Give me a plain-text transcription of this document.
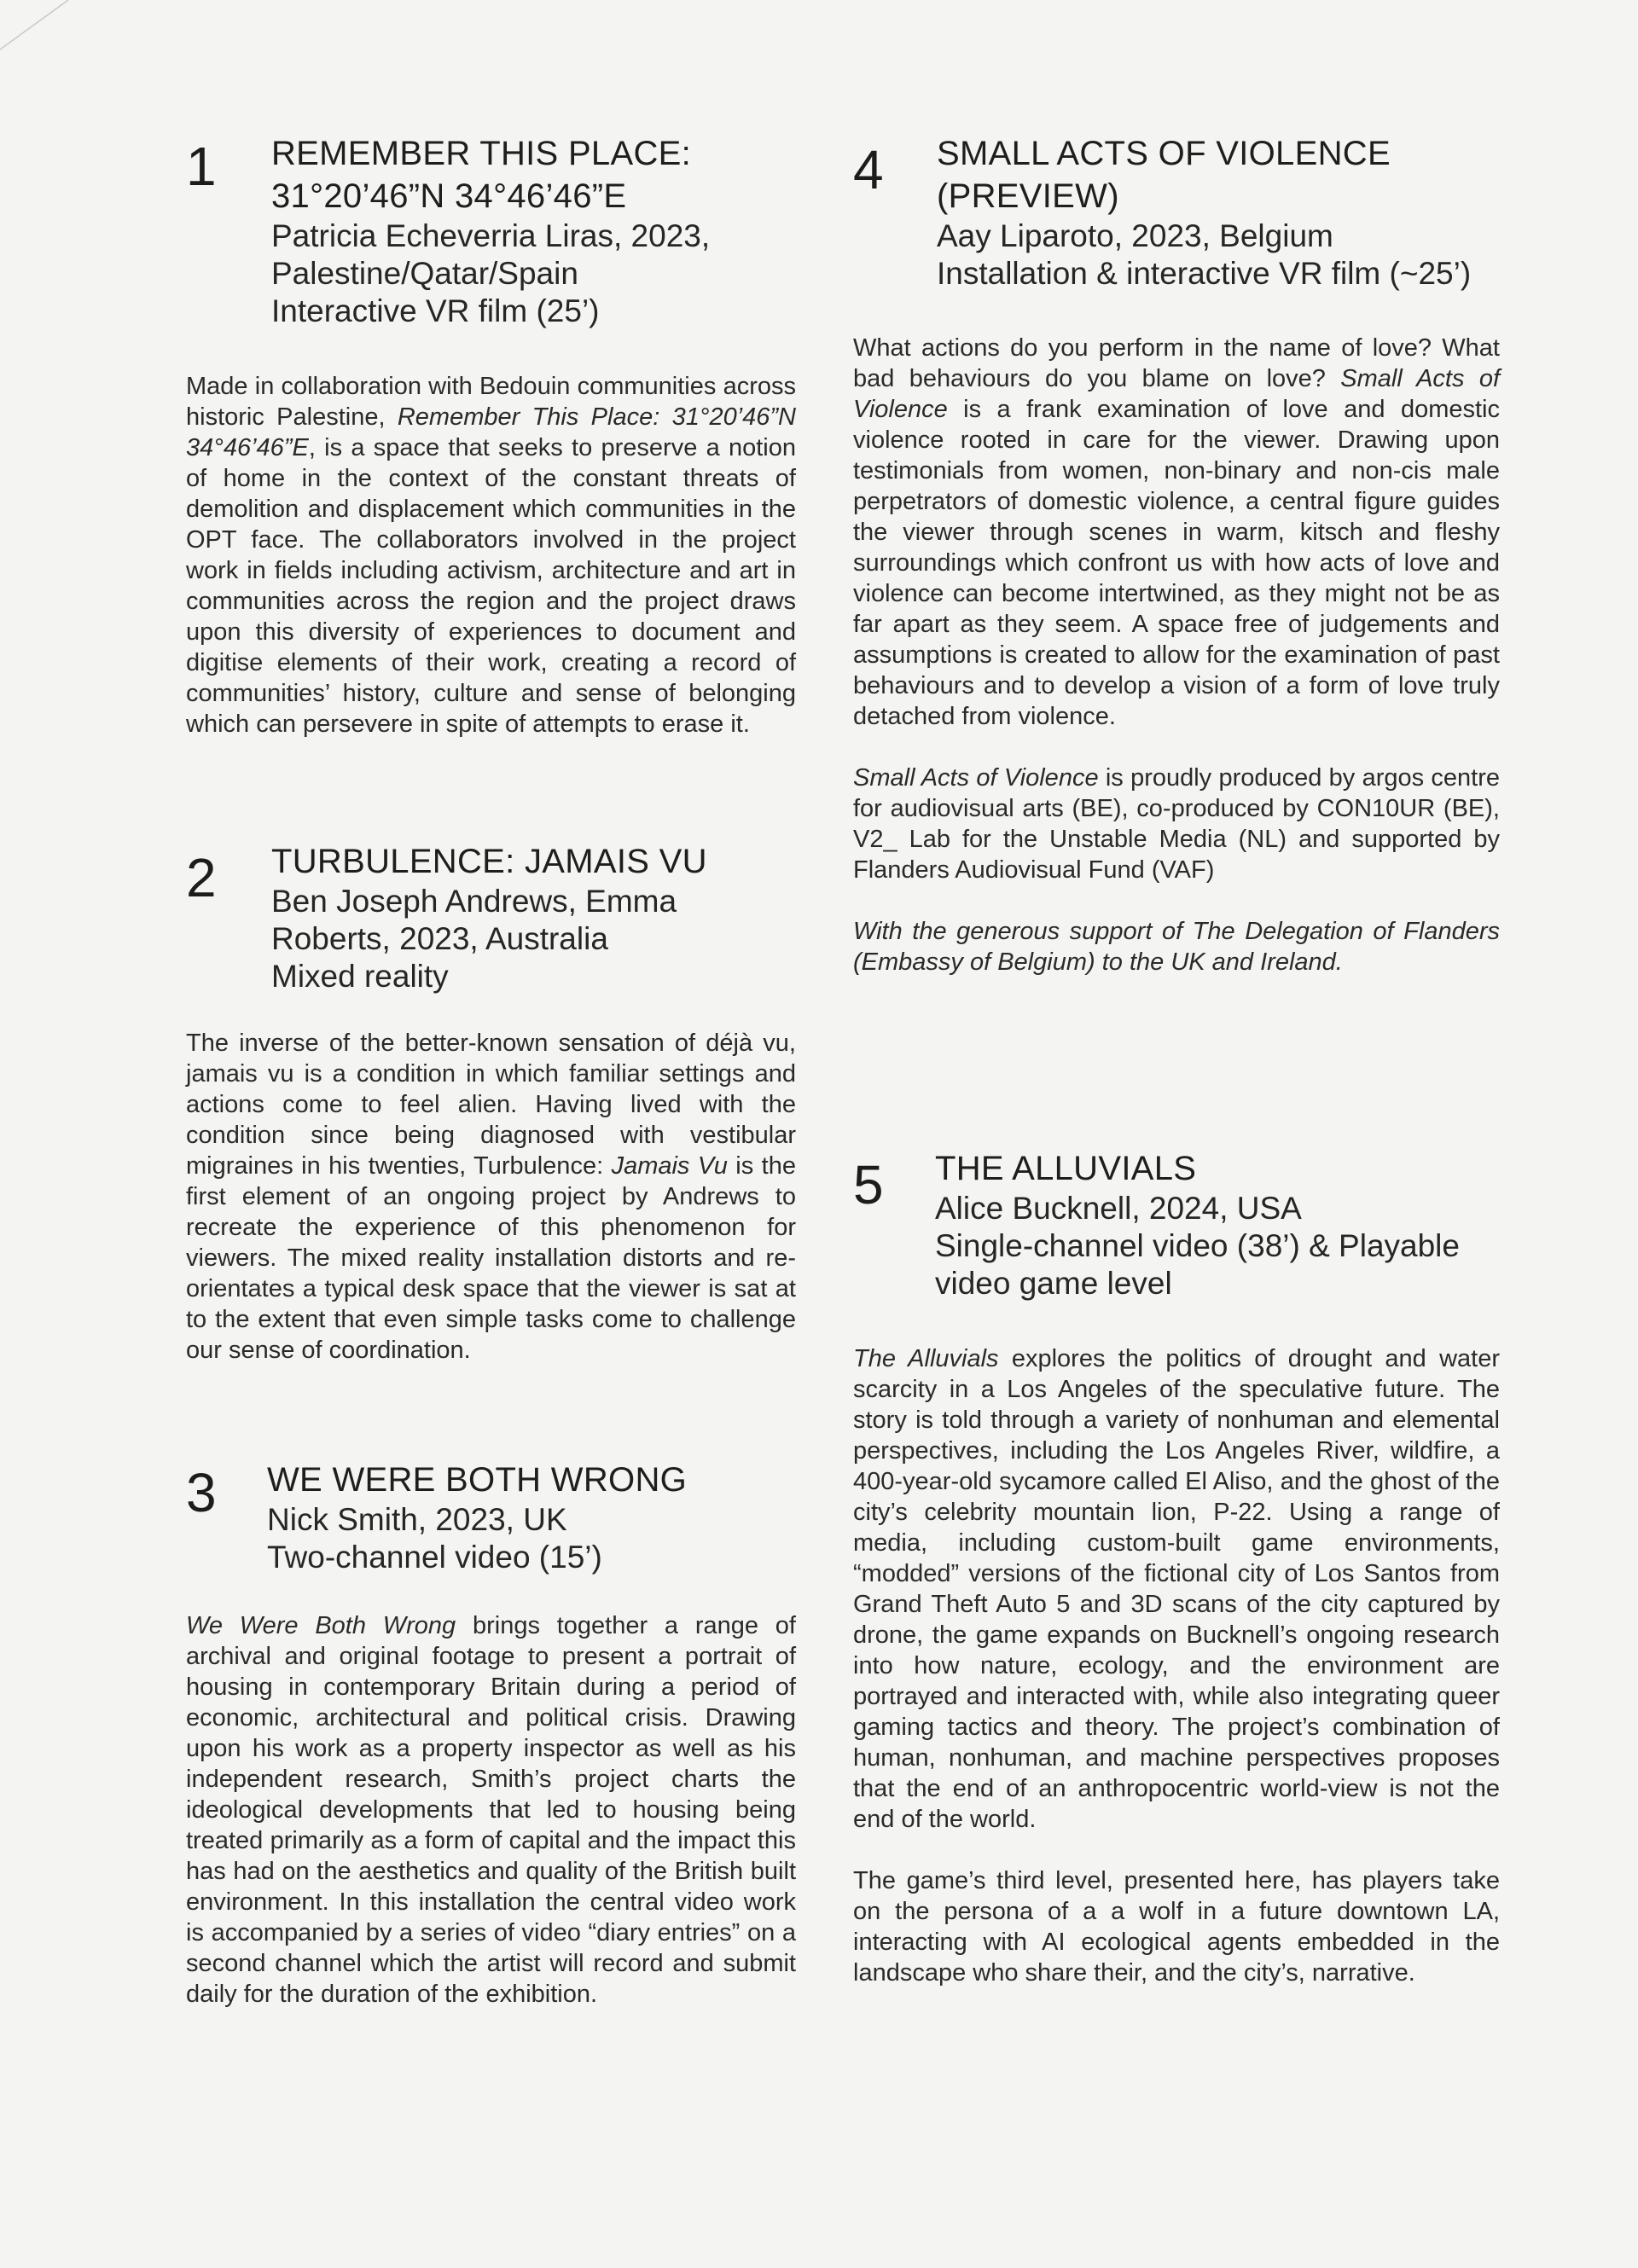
1 REMEMBER THIS PLACE:
31°20’46”N 34°46’46”E
Patricia Echeverria Liras, 2023,
Palestine/Qatar/Spain
Interactive VR film (25’)

Made in collaboration with Bedouin communities across historic Palestine, Remember This Place: 31°20’46”N 34°46’46”E, is a space that seeks to preserve a notion of home in the context of the constant threats of demolition and displacement which communities in the OPT face. The collaborators involved in the project work in fields including activism, architecture and art in communities across the region and the project draws upon this diversity of experiences to document and digitise elements of their work, creating a record of communities’ history, culture and sense of belonging which can persevere in spite of attempts to erase it.

2 TURBULENCE: JAMAIS VU
Ben Joseph Andrews, Emma
Roberts, 2023, Australia
Mixed reality

The inverse of the better-known sensation of déjà vu, jamais vu is a condition in which familiar settings and actions come to feel alien. Having lived with the condition since being diagnosed with vestibular migraines in his twenties, Turbulence: Jamais Vu is the first element of an ongoing project by Andrews to recreate the experience of this phenomenon for viewers. The mixed reality installation distorts and re-orientates a typical desk space that the viewer is sat at to the extent that even simple tasks come to challenge our sense of coordination.

3 WE WERE BOTH WRONG
Nick Smith, 2023, UK
Two-channel video (15’)

We Were Both Wrong brings together a range of archival and original footage to present a portrait of housing in contemporary Britain during a period of economic, architectural and political crisis. Drawing upon his work as a property inspector as well as his independent research, Smith’s project charts the ideological developments that led to housing being treated primarily as a form of capital and the impact this has had on the aesthetics and quality of the British built environment. In this installation the central video work is accompanied by a series of video “diary entries” on a second channel which the artist will record and submit daily for the duration of the exhibition.

4 SMALL ACTS OF VIOLENCE
(PREVIEW)
Aay Liparoto, 2023, Belgium
Installation & interactive VR film (~25’)

What actions do you perform in the name of love? What bad behaviours do you blame on love? Small Acts of Violence is a frank examination of love and domestic violence rooted in care for the viewer. Drawing upon testimonials from women, non-binary and non-cis male perpetrators of domestic violence, a central figure guides the viewer through scenes in warm, kitsch and fleshy surroundings which confront us with how acts of love and violence can become intertwined, as they might not be as far apart as they seem. A space free of judgements and assumptions is created to allow for the examination of past behaviours and to develop a vision of a form of love truly detached from violence.

Small Acts of Violence is proudly produced by argos centre for audiovisual arts (BE), co-produced by CON10UR (BE), V2_ Lab for the Unstable Media (NL) and supported by Flanders Audiovisual Fund (VAF)

With the generous support of The Delegation of Flanders (Embassy of Belgium) to the UK and Ireland.

5 THE ALLUVIALS
Alice Bucknell, 2024, USA
Single-channel video (38’) & Playable
video game level

The Alluvials explores the politics of drought and water scarcity in a Los Angeles of the speculative future. The story is told through a variety of nonhuman and elemental perspectives, including the Los Angeles River, wildfire, a 400-year-old sycamore called El Aliso, and the ghost of the city’s celebrity mountain lion, P-22. Using a range of media, including custom-built game environments, “modded” versions of the fictional city of Los Santos from Grand Theft Auto 5 and 3D scans of the city captured by drone, the game expands on Bucknell’s ongoing research into how nature, ecology, and the environment are portrayed and interacted with, while also integrating queer gaming tactics and theory. The project’s combination of human, nonhuman, and machine perspectives proposes that the end of an anthropocentric world-view is not the end of the world.

The game’s third level, presented here, has players take on the persona of a a wolf in a future downtown LA, interacting with AI ecological agents embedded in the landscape who share their, and the city’s, narrative.
